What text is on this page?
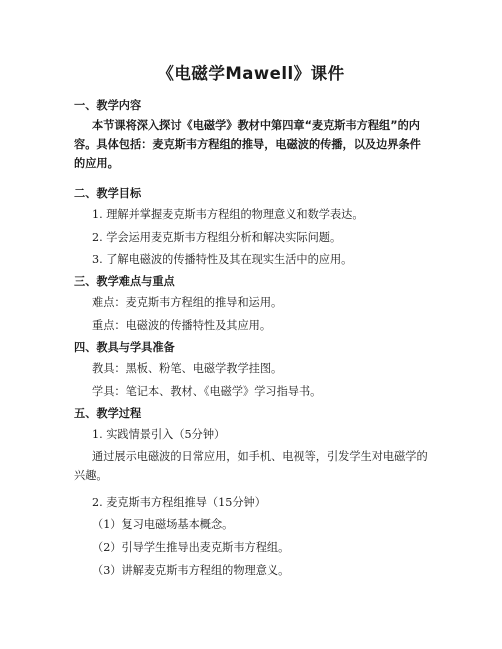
《电磁学Mawell》课件
一、教学内容
本节课将深入探讨《电磁学》教材中第四章“麦克斯韦方程组”的内容。具体包括：麦克斯韦方程组的推导，电磁波的传播，以及边界条件的应用。
二、教学目标
1. 理解并掌握麦克斯韦方程组的物理意义和数学表达。
2. 学会运用麦克斯韦方程组分析和解决实际问题。
3. 了解电磁波的传播特性及其在现实生活中的应用。
三、教学难点与重点
难点：麦克斯韦方程组的推导和运用。
重点：电磁波的传播特性及其应用。
四、教具与学具准备
教具：黑板、粉笔、电磁学教学挂图。
学具：笔记本、教材、《电磁学》学习指导书。
五、教学过程
1. 实践情景引入（5分钟）
通过展示电磁波的日常应用，如手机、电视等，引发学生对电磁学的兴趣。
2. 麦克斯韦方程组推导（15分钟）
（1）复习电磁场基本概念。
（2）引导学生推导出麦克斯韦方程组。
（3）讲解麦克斯韦方程组的物理意义。
